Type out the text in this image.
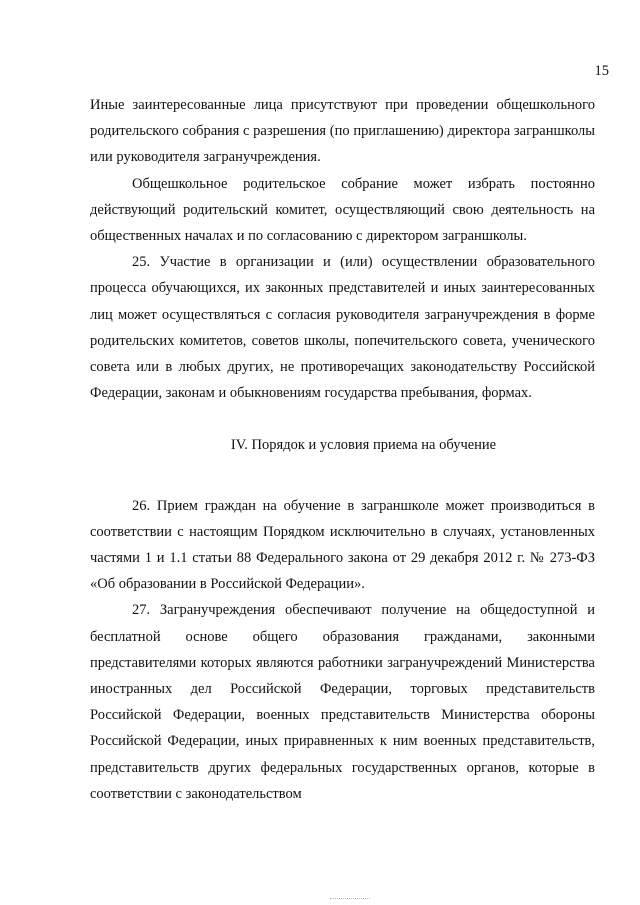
15

Иные заинтересованные лица присутствуют при проведении общешкольного родительского собрания с разрешения (по приглашению) директора заграншколы или руководителя загранучреждения.

Общешкольное родительское собрание может избрать постоянно действующий родительский комитет, осуществляющий свою деятельность на общественных началах и по согласованию с директором заграншколы.

25. Участие в организации и (или) осуществлении образовательного процесса обучающихся, их законных представителей и иных заинтересованных лиц может осуществляться с согласия руководителя загранучреждения в форме родительских комитетов, советов школы, попечительского совета, ученического совета или в любых других, не противоречащих законодательству Российской Федерации, законам и обыкновениям государства пребывания, формах.

IV. Порядок и условия приема на обучение

26. Прием граждан на обучение в заграншколе может производиться в соответствии с настоящим Порядком исключительно в случаях, установленных частями 1 и 1.1 статьи 88 Федерального закона от 29 декабря 2012 г. № 273-ФЗ «Об образовании в Российской Федерации».

27. Загранучреждения обеспечивают получение на общедоступной и бесплатной основе общего образования гражданами, законными представителями которых являются работники загранучреждений Министерства иностранных дел Российской Федерации, торговых представительств Российской Федерации, военных представительств Министерства обороны Российской Федерации, иных приравненных к ним военных представительств, представительств других федеральных государственных органов, которые в соответствии с законодательством
